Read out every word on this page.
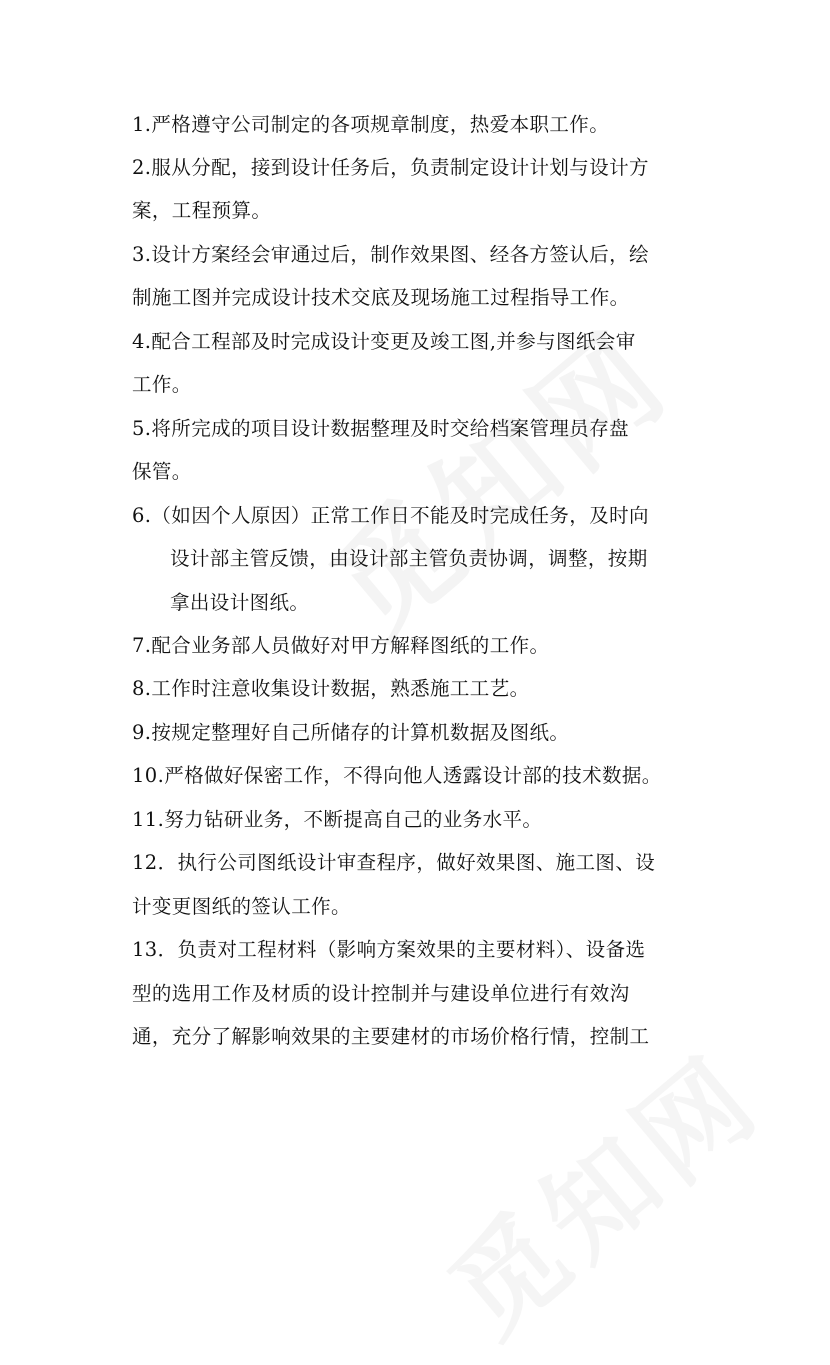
1.严格遵守公司制定的各项规章制度，热爱本职工作。
2.服从分配，接到设计任务后，负责制定设计计划与设计方
案，工程预算。
3.设计方案经会审通过后，制作效果图、经各方签认后，绘
制施工图并完成设计技术交底及现场施工过程指导工作。
4.配合工程部及时完成设计变更及竣工图,并参与图纸会审
工作。
5.将所完成的项目设计数据整理及时交给档案管理员存盘
保管。
6.（如因个人原因）正常工作日不能及时完成任务，及时向
设计部主管反馈，由设计部主管负责协调，调整，按期
拿出设计图纸。
7.配合业务部人员做好对甲方解释图纸的工作。
8.工作时注意收集设计数据，熟悉施工工艺。
9.按规定整理好自己所储存的计算机数据及图纸。
10.严格做好保密工作，不得向他人透露设计部的技术数据。
11.努力钻研业务，不断提高自己的业务水平。
12．执行公司图纸设计审查程序，做好效果图、施工图、设
计变更图纸的签认工作。
13．负责对工程材料（影响方案效果的主要材料）、设备选
型的选用工作及材质的设计控制并与建设单位进行有效沟
通，充分了解影响效果的主要建材的市场价格行情，控制工
